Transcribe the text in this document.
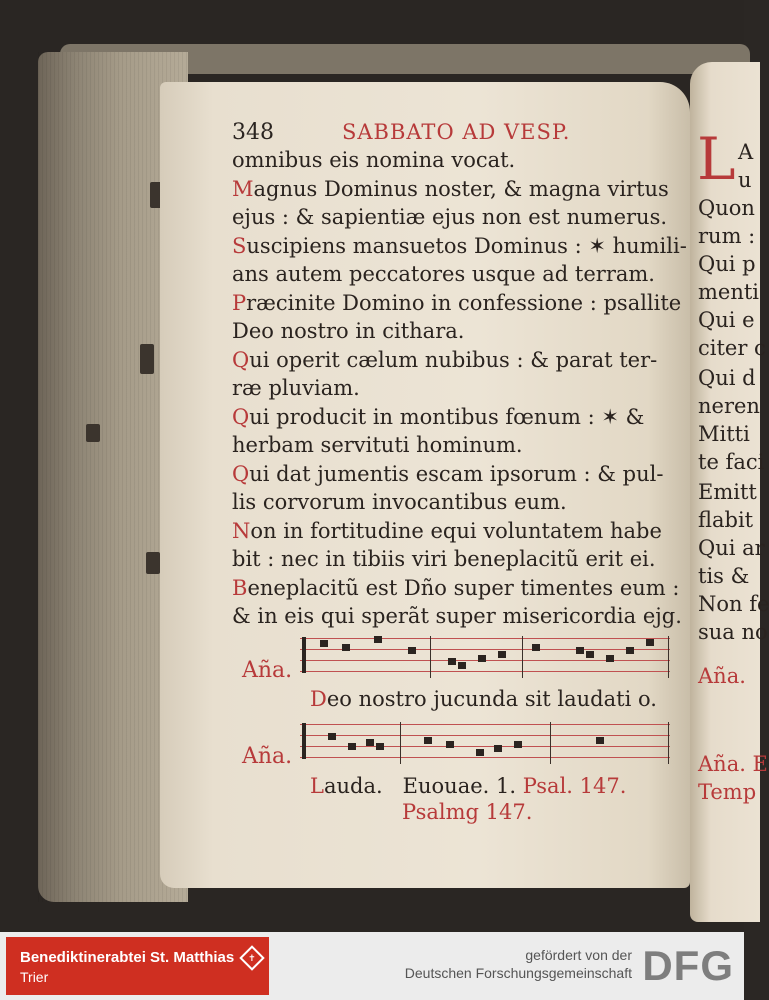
348	SABBATO AD VESP.
omnibus eis nomina vocat.
Magnus Dominus noster, & magna virtus
ejus : & sapientiæ ejus non est numerus.
Suscipiens mansuetos Dominus : ✶ humili-
ans autem peccatores usque ad terram.
Præcinite Domino in confessione : psallite
Deo nostro in cithara.
Qui operit cælum nubibus : & parat ter-
ræ pluviam.
Qui producit in montibus fœnum : ✶ &
herbam servituti hominum.
Qui dat jumentis escam ipsorum : & pul-
lis corvorum invocantibus eum.
Non in fortitudine equi voluntatem habe
bit : nec in tibiis viri beneplacitũ erit ei.
Beneplacitũ est Dño super timentes eum :
& in eis qui sperãt super misericordia ejg.
Aña.
Deo nostro jucunda sit laudati o.
Aña.
Lauda. Euouae. 1. Psal. 147.
Psalmg 147.
L A
u
Quon
rum :
Qui p
menti
Qui e
citer c
Qui d
neren
Mitti
te faci
Emitt
flabit
Qui ar
tis &
Non fe
sua no
Aña.
Aña. E
Temp
Benediktinerabtei St. Matthias
Trier
✝	gefördert von der
Deutschen Forschungsgemeinschaft DFG
